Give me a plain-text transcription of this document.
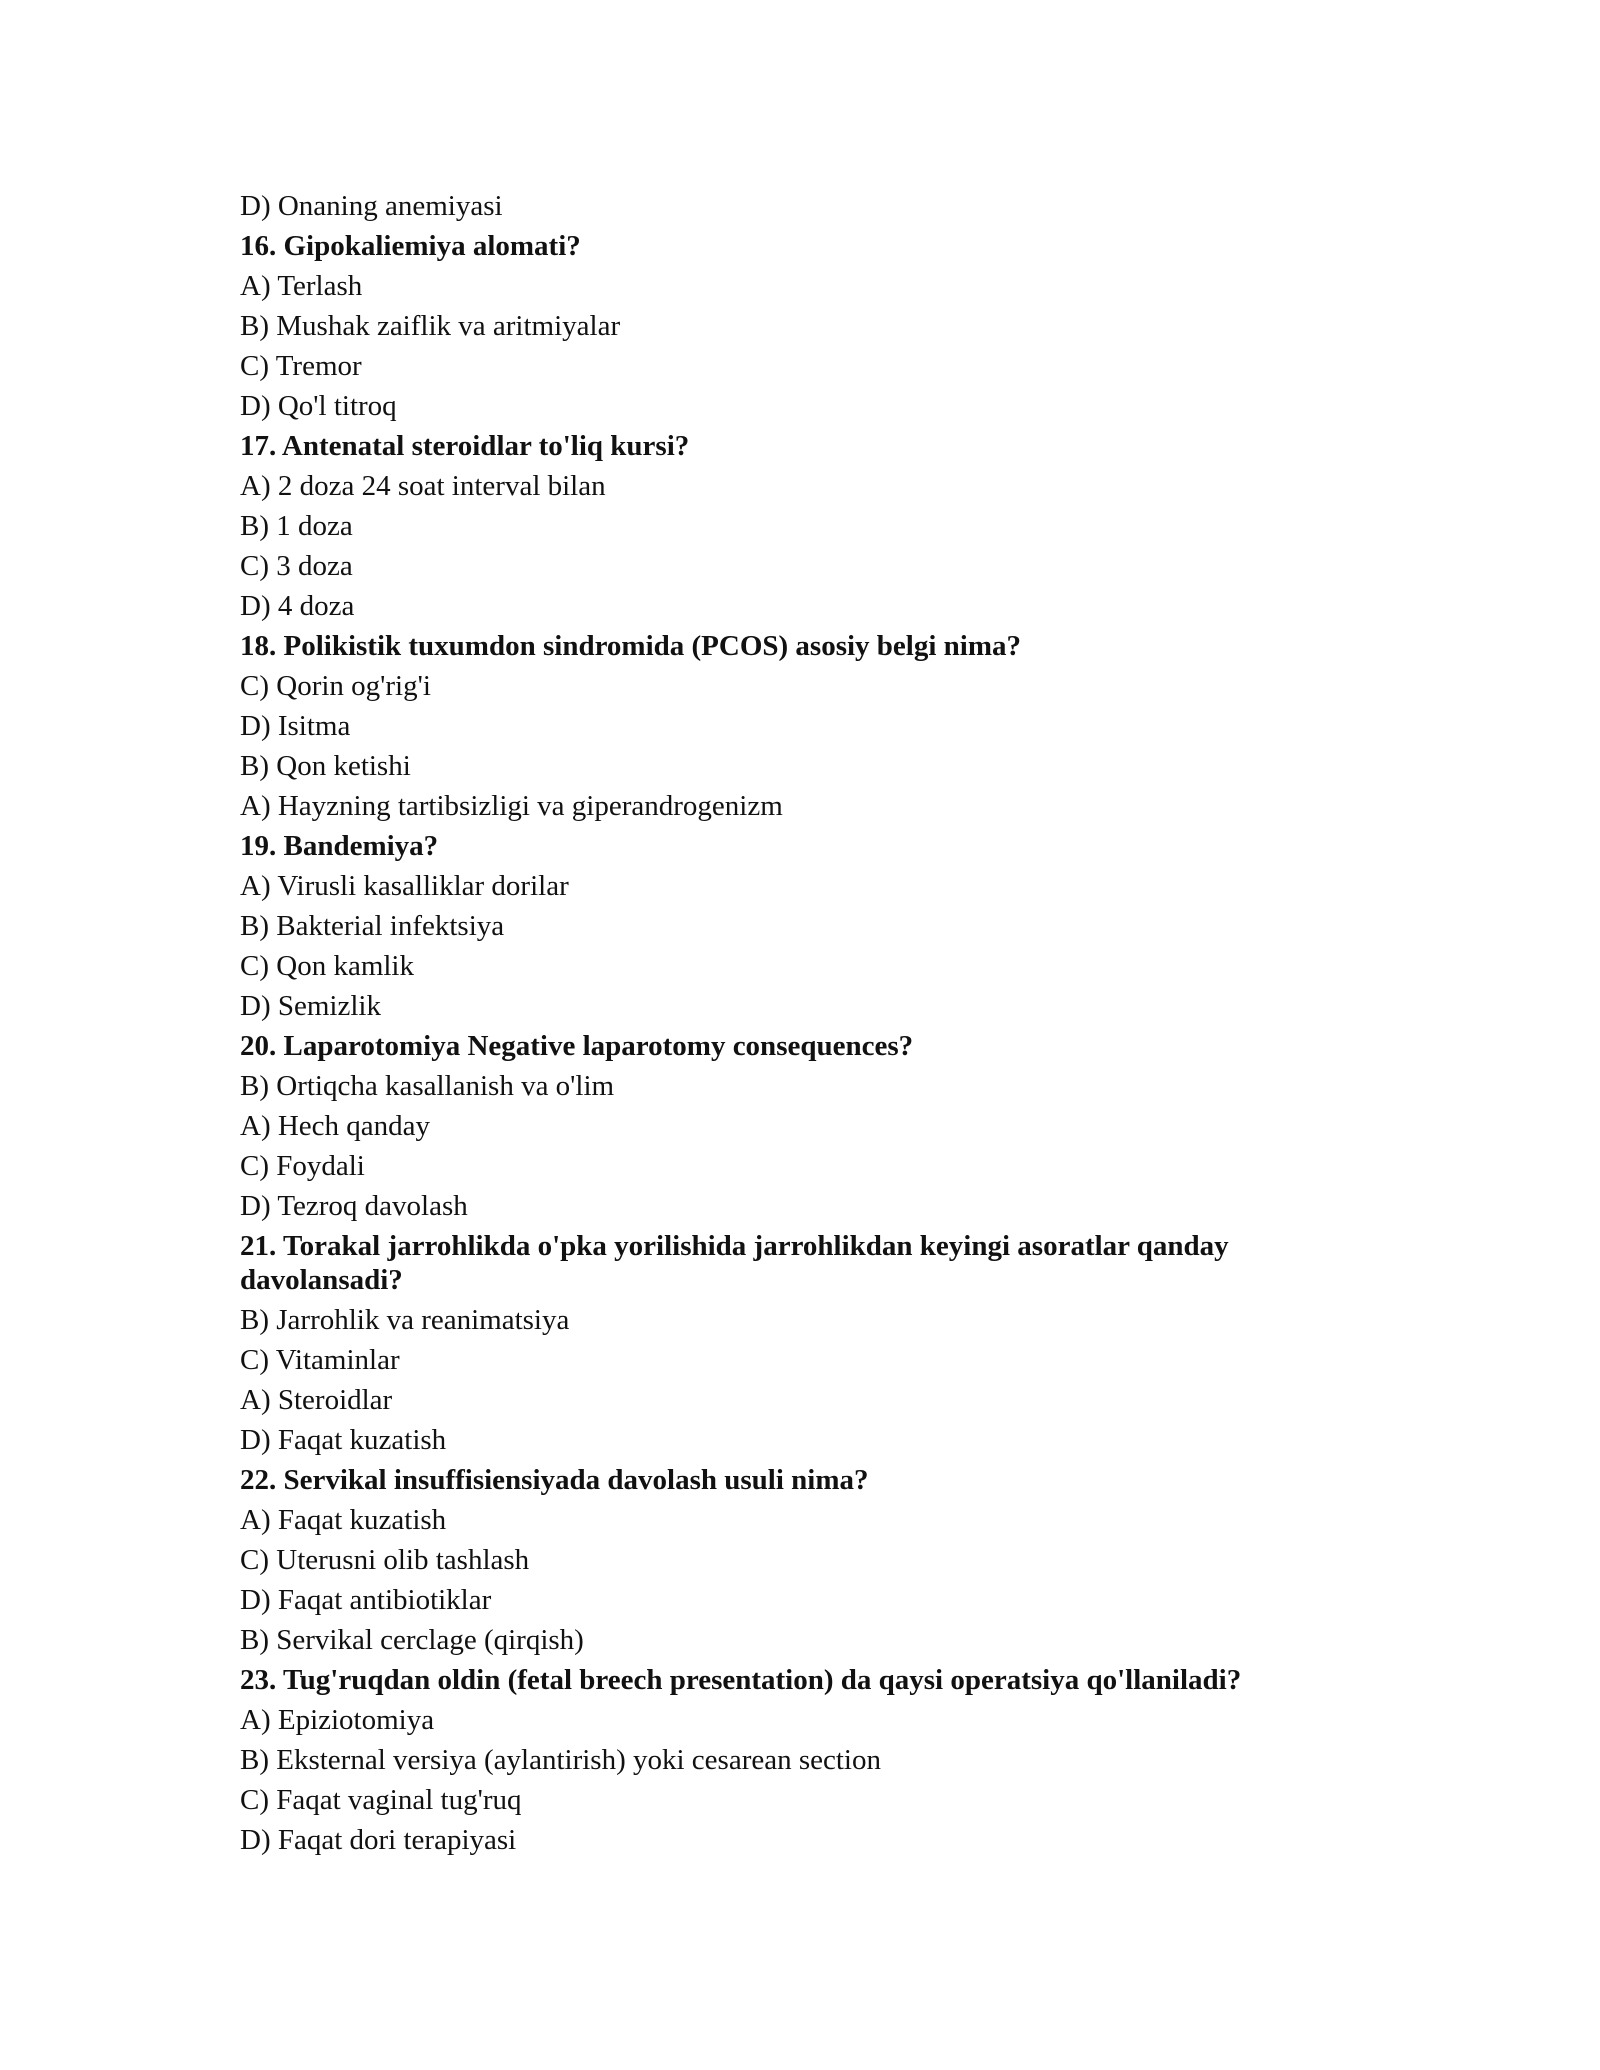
D) Onaning anemiyasi
16. Gipokaliemiya alomati?
A) Terlash
B) Mushak zaiflik va aritmiyalar
C) Tremor
D) Qo'l titroq
17. Antenatal steroidlar to'liq kursi?
A) 2 doza 24 soat interval bilan
B) 1 doza
C) 3 doza
D) 4 doza
18. Polikistik tuxumdon sindromida (PCOS) asosiy belgi nima?
C) Qorin og'rig'i
D) Isitma
B) Qon ketishi
A) Hayzning tartibsizligi va giperandrogenizm
19. Bandemiya?
A) Virusli kasalliklar dorilar
B) Bakterial infektsiya
C) Qon kamlik
D) Semizlik
20. Laparotomiya Negative laparotomy consequences?
B) Ortiqcha kasallanish va o'lim
A) Hech qanday
C) Foydali
D) Tezroq davolash
21. Torakal jarrohlikda o'pka yorilishida jarrohlikdan keyingi asoratlar qanday davolansadi?
B) Jarrohlik va reanimatsiya
C) Vitaminlar
A) Steroidlar
D) Faqat kuzatish
22. Servikal insuffisiensiyada davolash usuli nima?
A) Faqat kuzatish
C) Uterusni olib tashlash
D) Faqat antibiotiklar
B) Servikal cerclage (qirqish)
23. Tug'ruqdan oldin (fetal breech presentation) da qaysi operatsiya qo'llaniladi?
A) Epiziotomiya
B) Eksternal versiya (aylantirish) yoki cesarean section
C) Faqat vaginal tug'ruq
D) Faqat dori terapiyasi
